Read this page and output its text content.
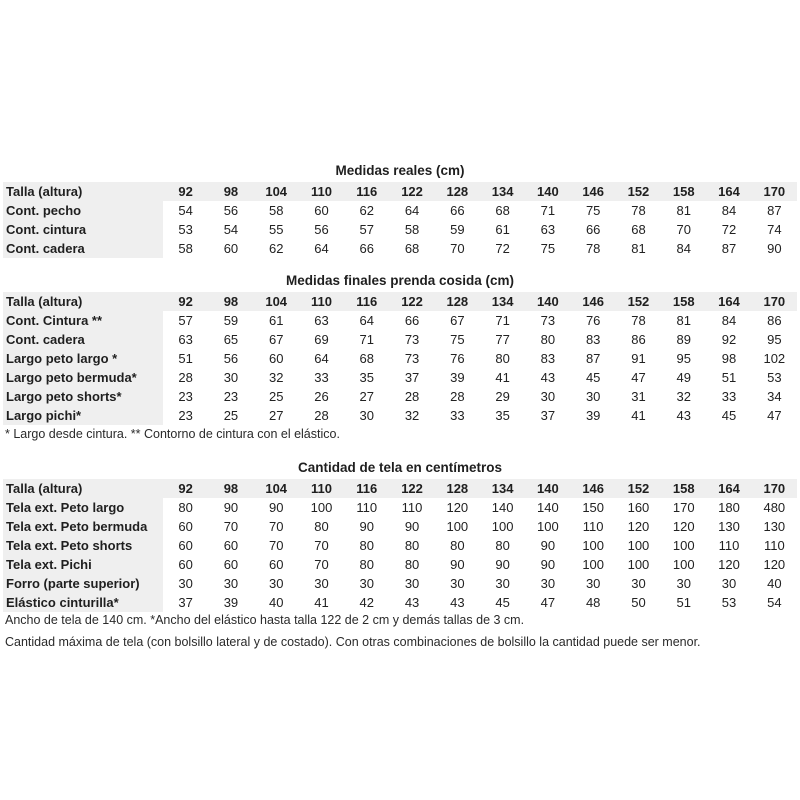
Medidas reales (cm)
Talla (altura)	92	98	104	110	116	122	128	134	140	146	152	158	164	170
Cont. pecho	54	56	58	60	62	64	66	68	71	75	78	81	84	87
Cont. cintura	53	54	55	56	57	58	59	61	63	66	68	70	72	74
Cont. cadera	58	60	62	64	66	68	70	72	75	78	81	84	87	90
Medidas finales prenda cosida (cm)
Talla (altura)	92	98	104	110	116	122	128	134	140	146	152	158	164	170
Cont. Cintura **	57	59	61	63	64	66	67	71	73	76	78	81	84	86
Cont. cadera	63	65	67	69	71	73	75	77	80	83	86	89	92	95
Largo peto largo *	51	56	60	64	68	73	76	80	83	87	91	95	98	102
Largo peto bermuda*	28	30	32	33	35	37	39	41	43	45	47	49	51	53
Largo peto shorts*	23	23	25	26	27	28	28	29	30	30	31	32	33	34
Largo pichi*	23	25	27	28	30	32	33	35	37	39	41	43	45	47
* Largo desde cintura. ** Contorno de cintura con el elástico.
Cantidad de tela en centímetros
Talla (altura)	92	98	104	110	116	122	128	134	140	146	152	158	164	170
Tela ext. Peto largo	80	90	90	100	110	110	120	140	140	150	160	170	180	480
Tela ext. Peto bermuda	60	70	70	80	90	90	100	100	100	110	120	120	130	130
Tela ext. Peto shorts	60	60	70	70	80	80	80	80	90	100	100	100	110	110
Tela ext. Pichi	60	60	60	70	80	80	90	90	90	100	100	100	120	120
Forro (parte superior)	30	30	30	30	30	30	30	30	30	30	30	30	30	40
Elástico cinturilla*	37	39	40	41	42	43	43	45	47	48	50	51	53	54
Ancho de tela de 140 cm. *Ancho del elástico hasta talla 122 de 2 cm y demás tallas de 3 cm.
Cantidad máxima de tela (con bolsillo lateral y de costado). Con otras combinaciones de bolsillo la cantidad puede ser menor.
